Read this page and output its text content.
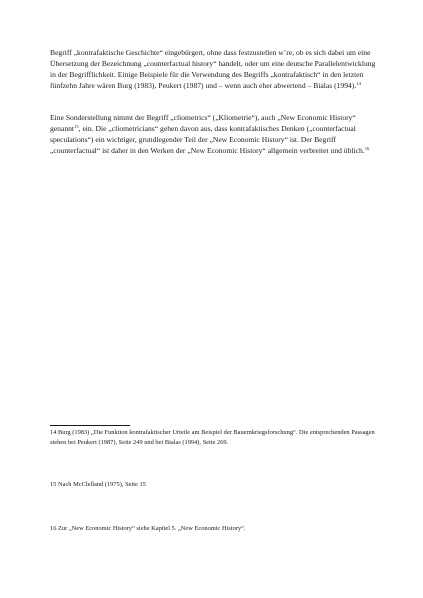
Begriff „kontrafaktische Geschichte“ eingebürgert, ohne dass festzustellen w¨re, ob es sich dabei um eine Übersetzung der Bezeichnung „counterfactual history“ handelt, oder um eine deutsche Parallelentwicklung in der Begrifflichkeit. Einige Beispiele für die Verwendung des Begriffs „kontrafaktisch“ in den letzten fünfzehn Jahre wären Burg (1983), Peukert (1987) und – wenn auch eher abwertend – Bialas (1994).$^{14}$

Eine Sonderstellung nimmt der Begriff „cliometrics“ („Kliometrie“), auch „New Economic History“ genannt$^{15}$, ein. Die „cliometricians“ gehen davon aus, dass kontrafaktisches Denken („counterfactual speculations“) ein wichtiger, grundlegender Teil der „New Economic History“ ist. Der Begriff „counterfactual“ ist daher in den Werken der „New Economic History“ allgemein verbreitet und üblich.$^{16}$

14 Burg (1983) „Die Funktion kontrafaktischer Urteile am Beispiel der Bauernkriegsforschung“. Die entsprechenden Passagen stehen bei Peukert (1987), Seite 249 und bei Bialas (1994), Seite 269.

15 Nach McClelland (1975), Seite 15

16 Zur „New Economic History“ siehe Kapitel 5. „New Economic History“.
